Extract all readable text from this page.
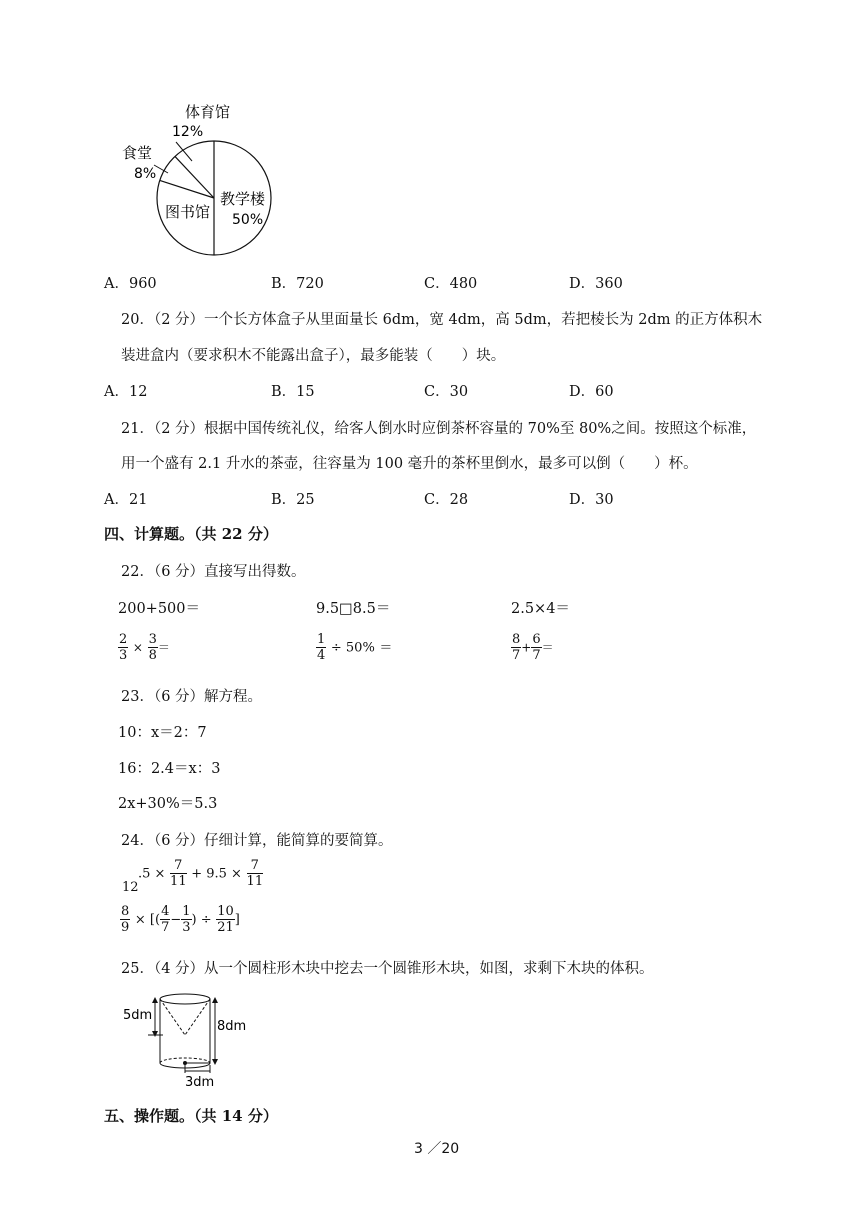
体育馆
12%
食堂
8%
图书馆
教学楼
50%
A．960	B．720	C．480	D．360
20．（2 分）一个长方体盒子从里面量长 6dm，宽 4dm，高 5dm，若把棱长为 2dm 的正方体积木
装进盒内（要求积木不能露出盒子），最多能装（　　）块。
A．12	B．15	C．30	D．60
21．（2 分）根据中国传统礼仪，给客人倒水时应倒茶杯容量的 70%至 80%之间。按照这个标准，
用一个盛有 2.1 升水的茶壶，往容量为 100 毫升的茶杯里倒水，最多可以倒（　　）杯。
A．21	B．25	C．28	D．30
四、计算题。（共 22 分）
22．（6 分）直接写出得数。
200+500＝	9.5□8.5＝	2.5×4＝
$\frac{2}{3} \times \frac{3}{8}$ ＝	$\frac{1}{4} \div 50\%$ ＝	$\frac{8}{7} + \frac{6}{7}$ ＝
23．（6 分）解方程。
10：x＝2：7
16：2.4＝x：3
2x+30%＝5.3
24．（6 分）仔细计算，能简算的要简算。
12
$.5 \times \frac{7}{11} + 9.5 \times \frac{7}{11}$
$\frac{8}{9}$ × [( $\frac{4}{7} - \frac{1}{3}$ ) ÷ $\frac{10}{21}$ ]
25．（4 分）从一个圆柱形木块中挖去一个圆锥形木块，如图，求剩下木块的体积。
5dm
8dm
3dm
五、操作题。（共 14 分）
3 ／20
